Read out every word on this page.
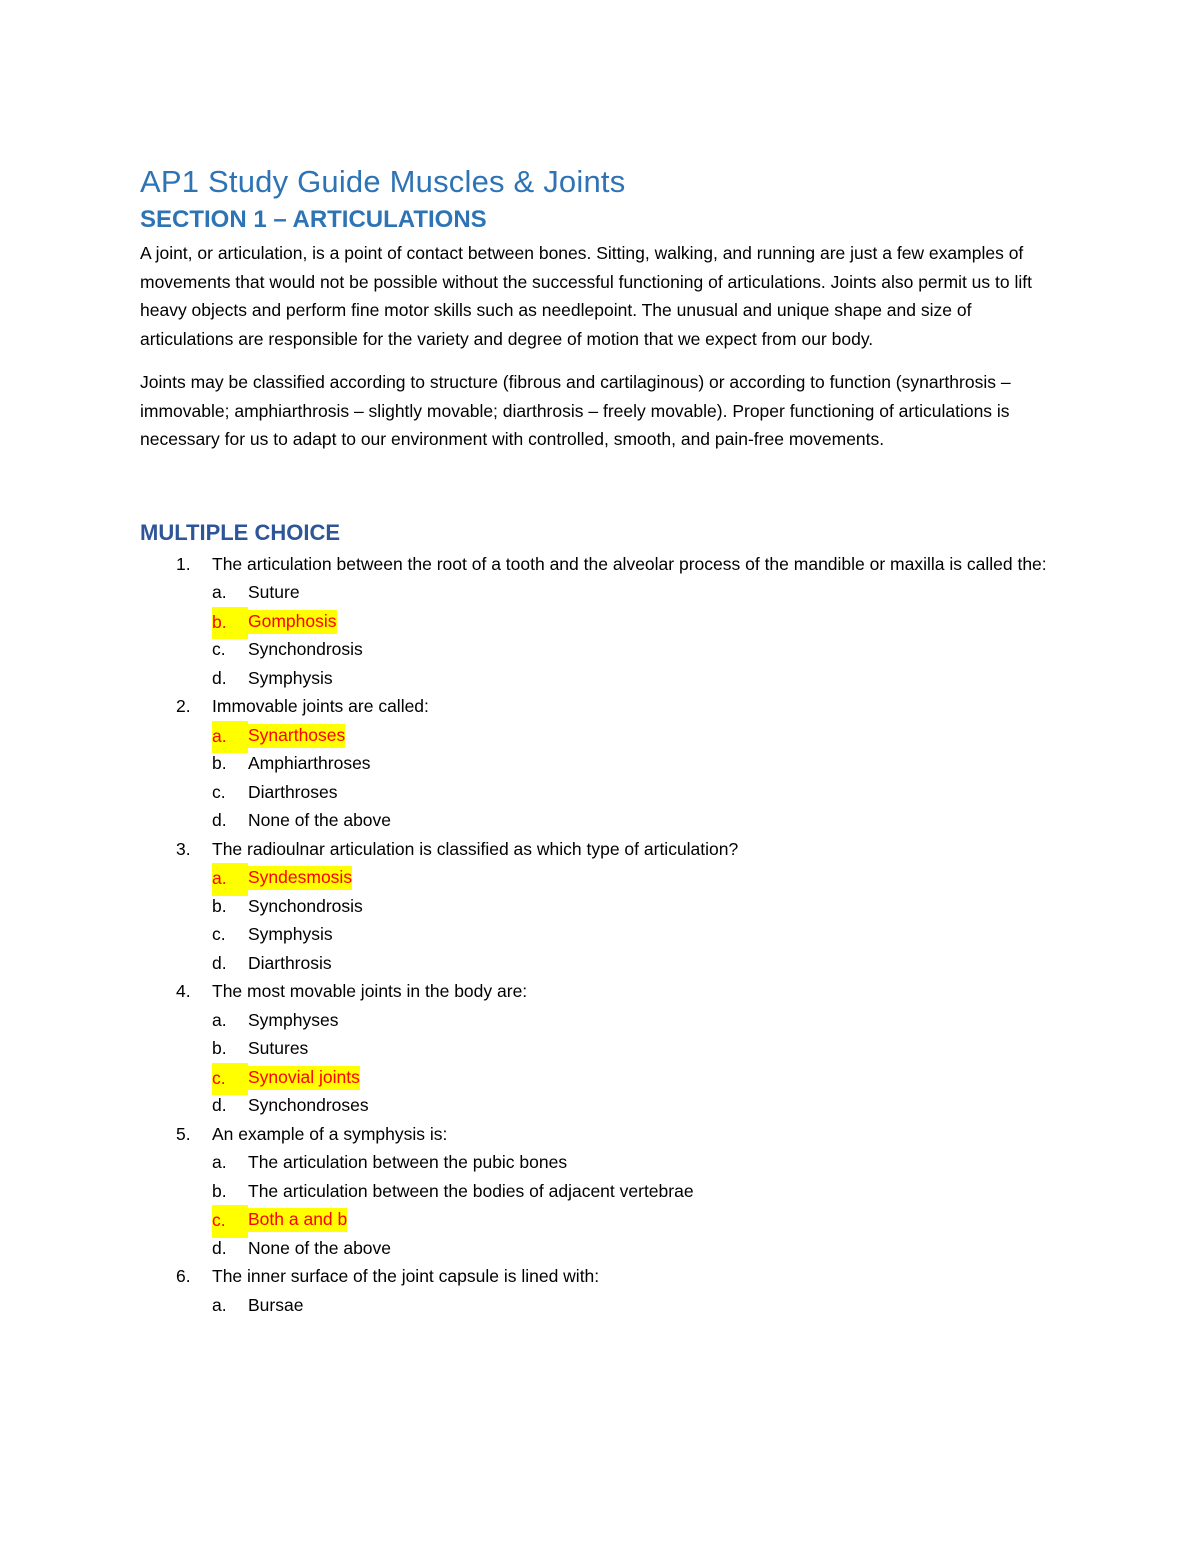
AP1 Study Guide Muscles & Joints
SECTION 1 – ARTICULATIONS

A joint, or articulation, is a point of contact between bones. Sitting, walking, and running are just a few examples of movements that would not be possible without the successful functioning of articulations. Joints also permit us to lift heavy objects and perform fine motor skills such as needlepoint. The unusual and unique shape and size of articulations are responsible for the variety and degree of motion that we expect from our body.

Joints may be classified according to structure (fibrous and cartilaginous) or according to function (synarthrosis – immovable; amphiarthrosis – slightly movable; diarthrosis – freely movable). Proper functioning of articulations is necessary for us to adapt to our environment with controlled, smooth, and pain-free movements.

MULTIPLE CHOICE
1. The articulation between the root of a tooth and the alveolar process of the mandible or maxilla is called the:
a. Suture
b.	Gomphosis
c. Synchondrosis
d. Symphysis
2. Immovable joints are called:
a.	Synarthoses
b. Amphiarthroses
c. Diarthroses
d. None of the above
3. The radioulnar articulation is classified as which type of articulation?
a.	Syndesmosis
b. Synchondrosis
c. Symphysis
d. Diarthrosis
4. The most movable joints in the body are:
a. Symphyses
b. Sutures
c.	Synovial joints
d. Synchondroses
5. An example of a symphysis is:
a. The articulation between the pubic bones
b. The articulation between the bodies of adjacent vertebrae
c.	Both a and b
d. None of the above
6. The inner surface of the joint capsule is lined with:
a. Bursae
